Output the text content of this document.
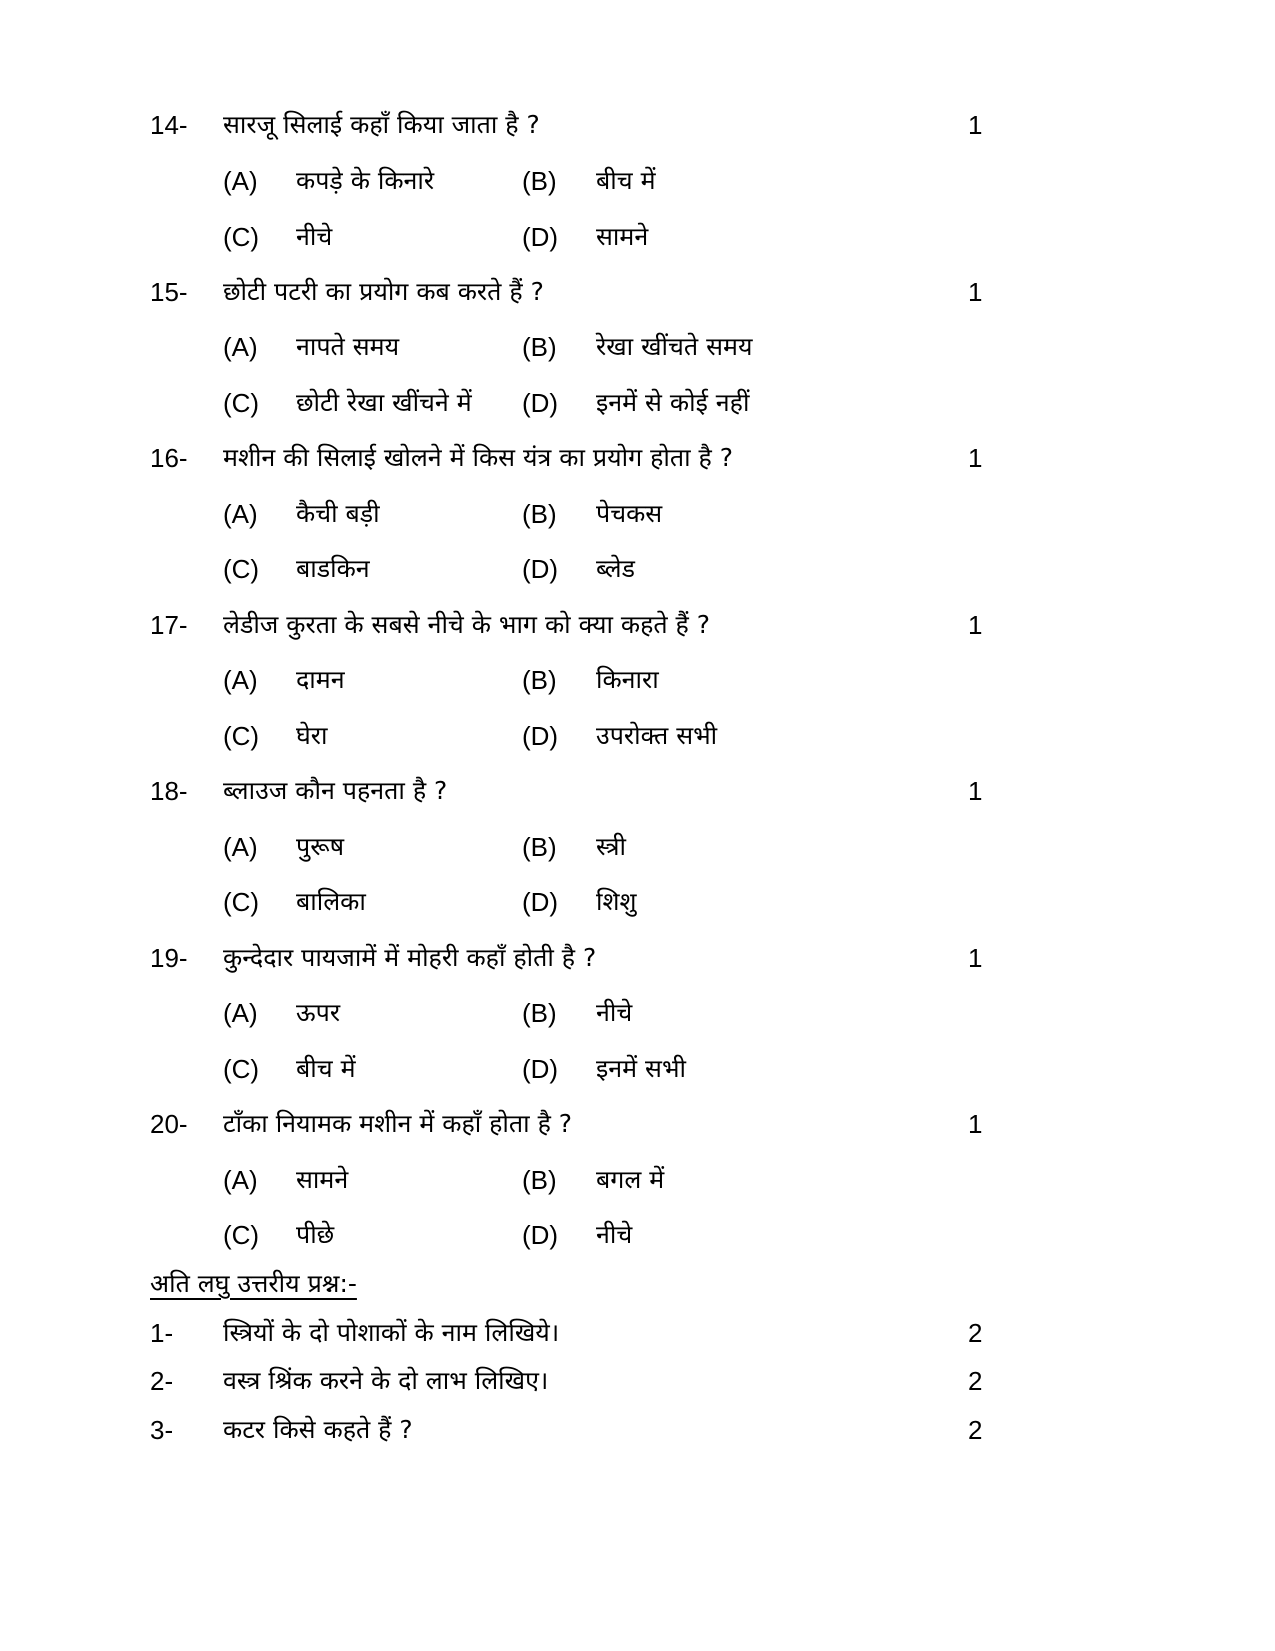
14- सारजू सिलाई कहाँ किया जाता है ?	1
(A) कपड़े के किनारे	(B) बीच में
(C) नीचे	(D) सामने
15- छोटी पटरी का प्रयोग कब करते हैं ?	1
(A) नापते समय	(B) रेखा खींचते समय
(C) छोटी रेखा खींचने में (D) इनमें से कोई नहीं
16- मशीन की सिलाई खोलने में किस यंत्र का प्रयोग होता है ?	1
(A) कैची बड़ी	(B) पेचकस
(C) बाडकिन	(D) ब्लेड
17- लेडीज कुरता के सबसे नीचे के भाग को क्या कहते हैं ?	1
(A) दामन	(B) किनारा
(C) घेरा	(D) उपरोक्त सभी
18- ब्लाउज कौन पहनता है ?	1
(A) पुरूष	(B) स्त्री
(C) बालिका	(D) शिशु
19- कुन्देदार पायजामें में मोहरी कहाँ होती है ?	1
(A) ऊपर	(B) नीचे
(C) बीच में	(D) इनमें सभी
20- टाँका नियामक मशीन में कहाँ होता है ?	1
(A) सामने	(B) बगल में
(C) पीछे	(D) नीचे
अति लघु उत्तरीय प्रश्न:-
1- स्त्रियों के दो पोशाकों के नाम लिखिये।	2
2- वस्त्र श्रिंक करने के दो लाभ लिखिए।	2
3- कटर किसे कहते हैं ?	2
